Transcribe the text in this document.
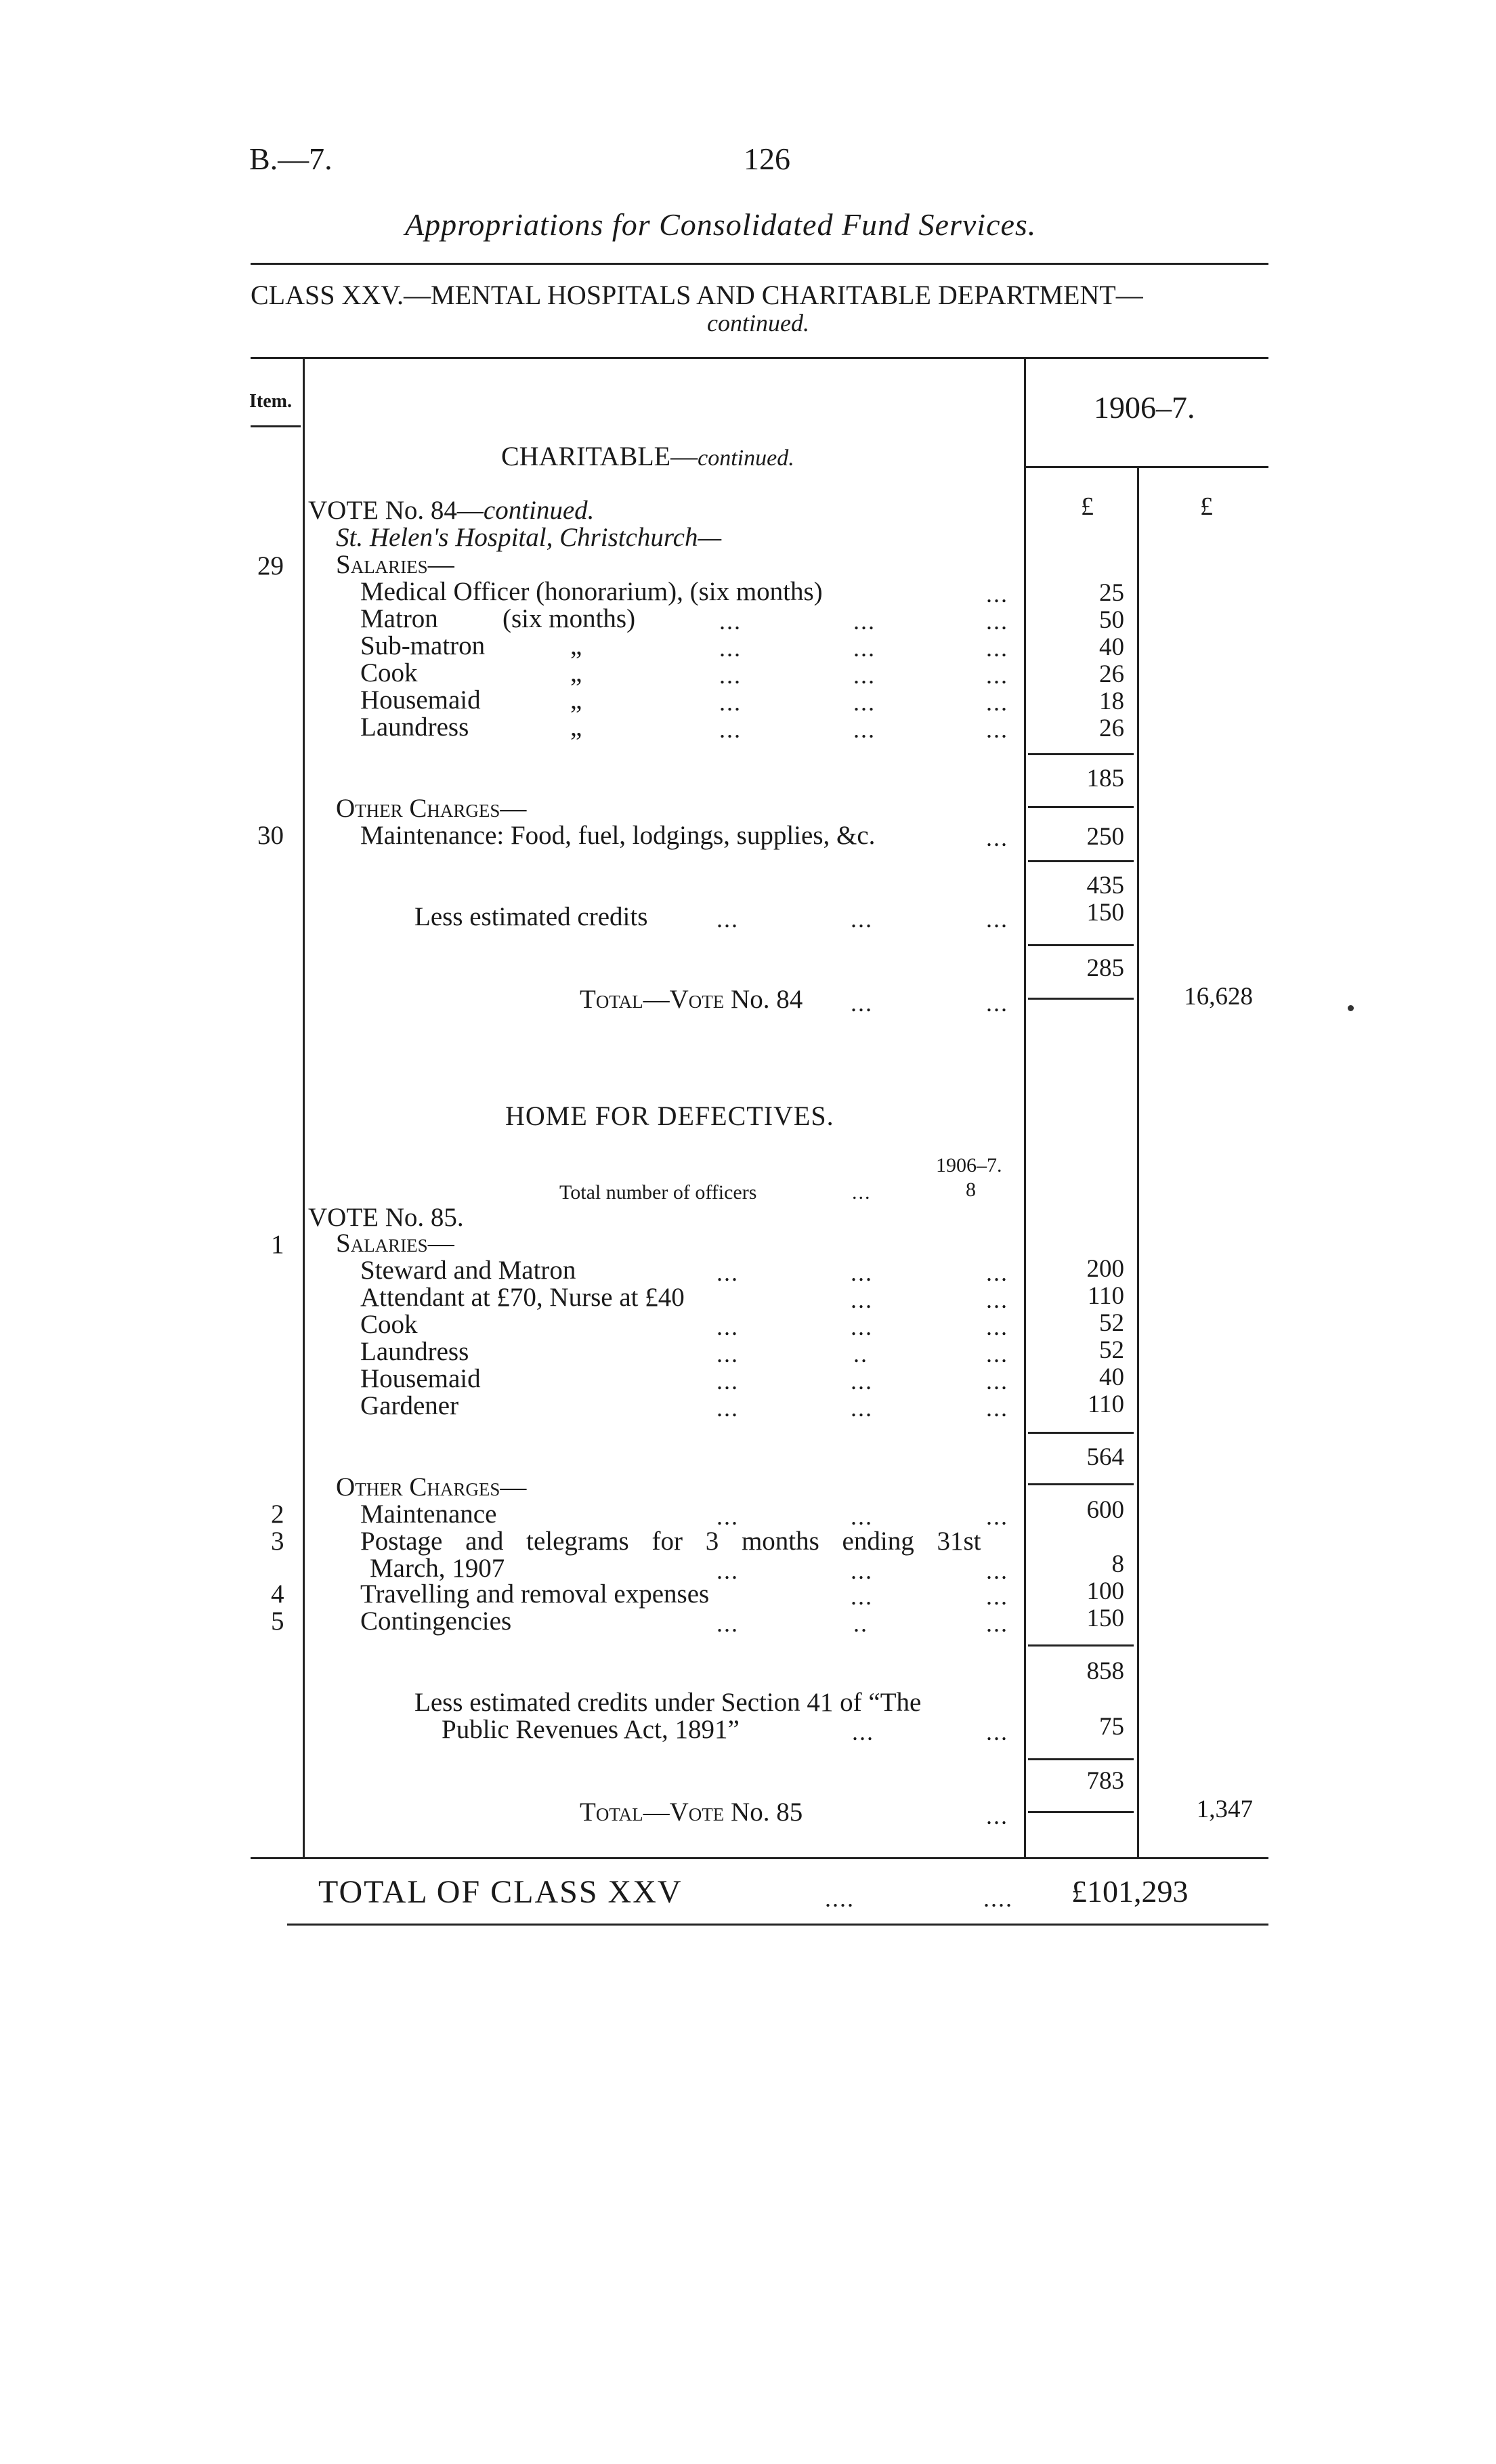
B.—7.	126
Appropriations for Consolidated Fund Services.
CLASS XXV.—MENTAL HOSPITALS AND CHARITABLE DEPARTMENT—
continued.
Item.	1906–7.
£	£
CHARITABLE—continued.
VOTE No. 84—continued.
St. Helen's Hospital, Christchurch—
29 Salaries—
Medical Officer (honorarium), (six months)	...	25
Matron (six months)	...	...	...	50
Sub-matron	„	...	...	...	40
Cook	„	...	...	...	26
Housemaid	„	...	...	...	18
Laundress	„	...	...	...	26
185
Other Charges—
30	Maintenance: Food, fuel, lodgings, supplies, &c.	...	250
435
Less estimated credits	...	...	...	150
285
Total—Vote No. 84 ...	...	16,628
HOME FOR DEFECTIVES.
1906–7.
Total number of officers	...	8
VOTE No. 85.
1 Salaries—
Steward and Matron	...	...	...	200
Attendant at £70, Nurse at £40	...	...	110
Cook	...	...	...	52
Laundress	...	..	...	52
Housemaid	...	...	...	40
Gardener	...	...	...	110
564
Other Charges—
2	Maintenance	...	...	...	600
3	Postage and telegrams for 3 months ending 31st
March, 1907	...	...	...	8
4	Travelling and removal expenses	...	...	100
5	Contingencies	...	..	...	150
858
Less estimated credits under Section 41 of “The
Public Revenues Act, 1891”	...	...	75
783
Total—Vote No. 85	...	1,347
TOTAL OF CLASS XXV	....	.... £101,293
